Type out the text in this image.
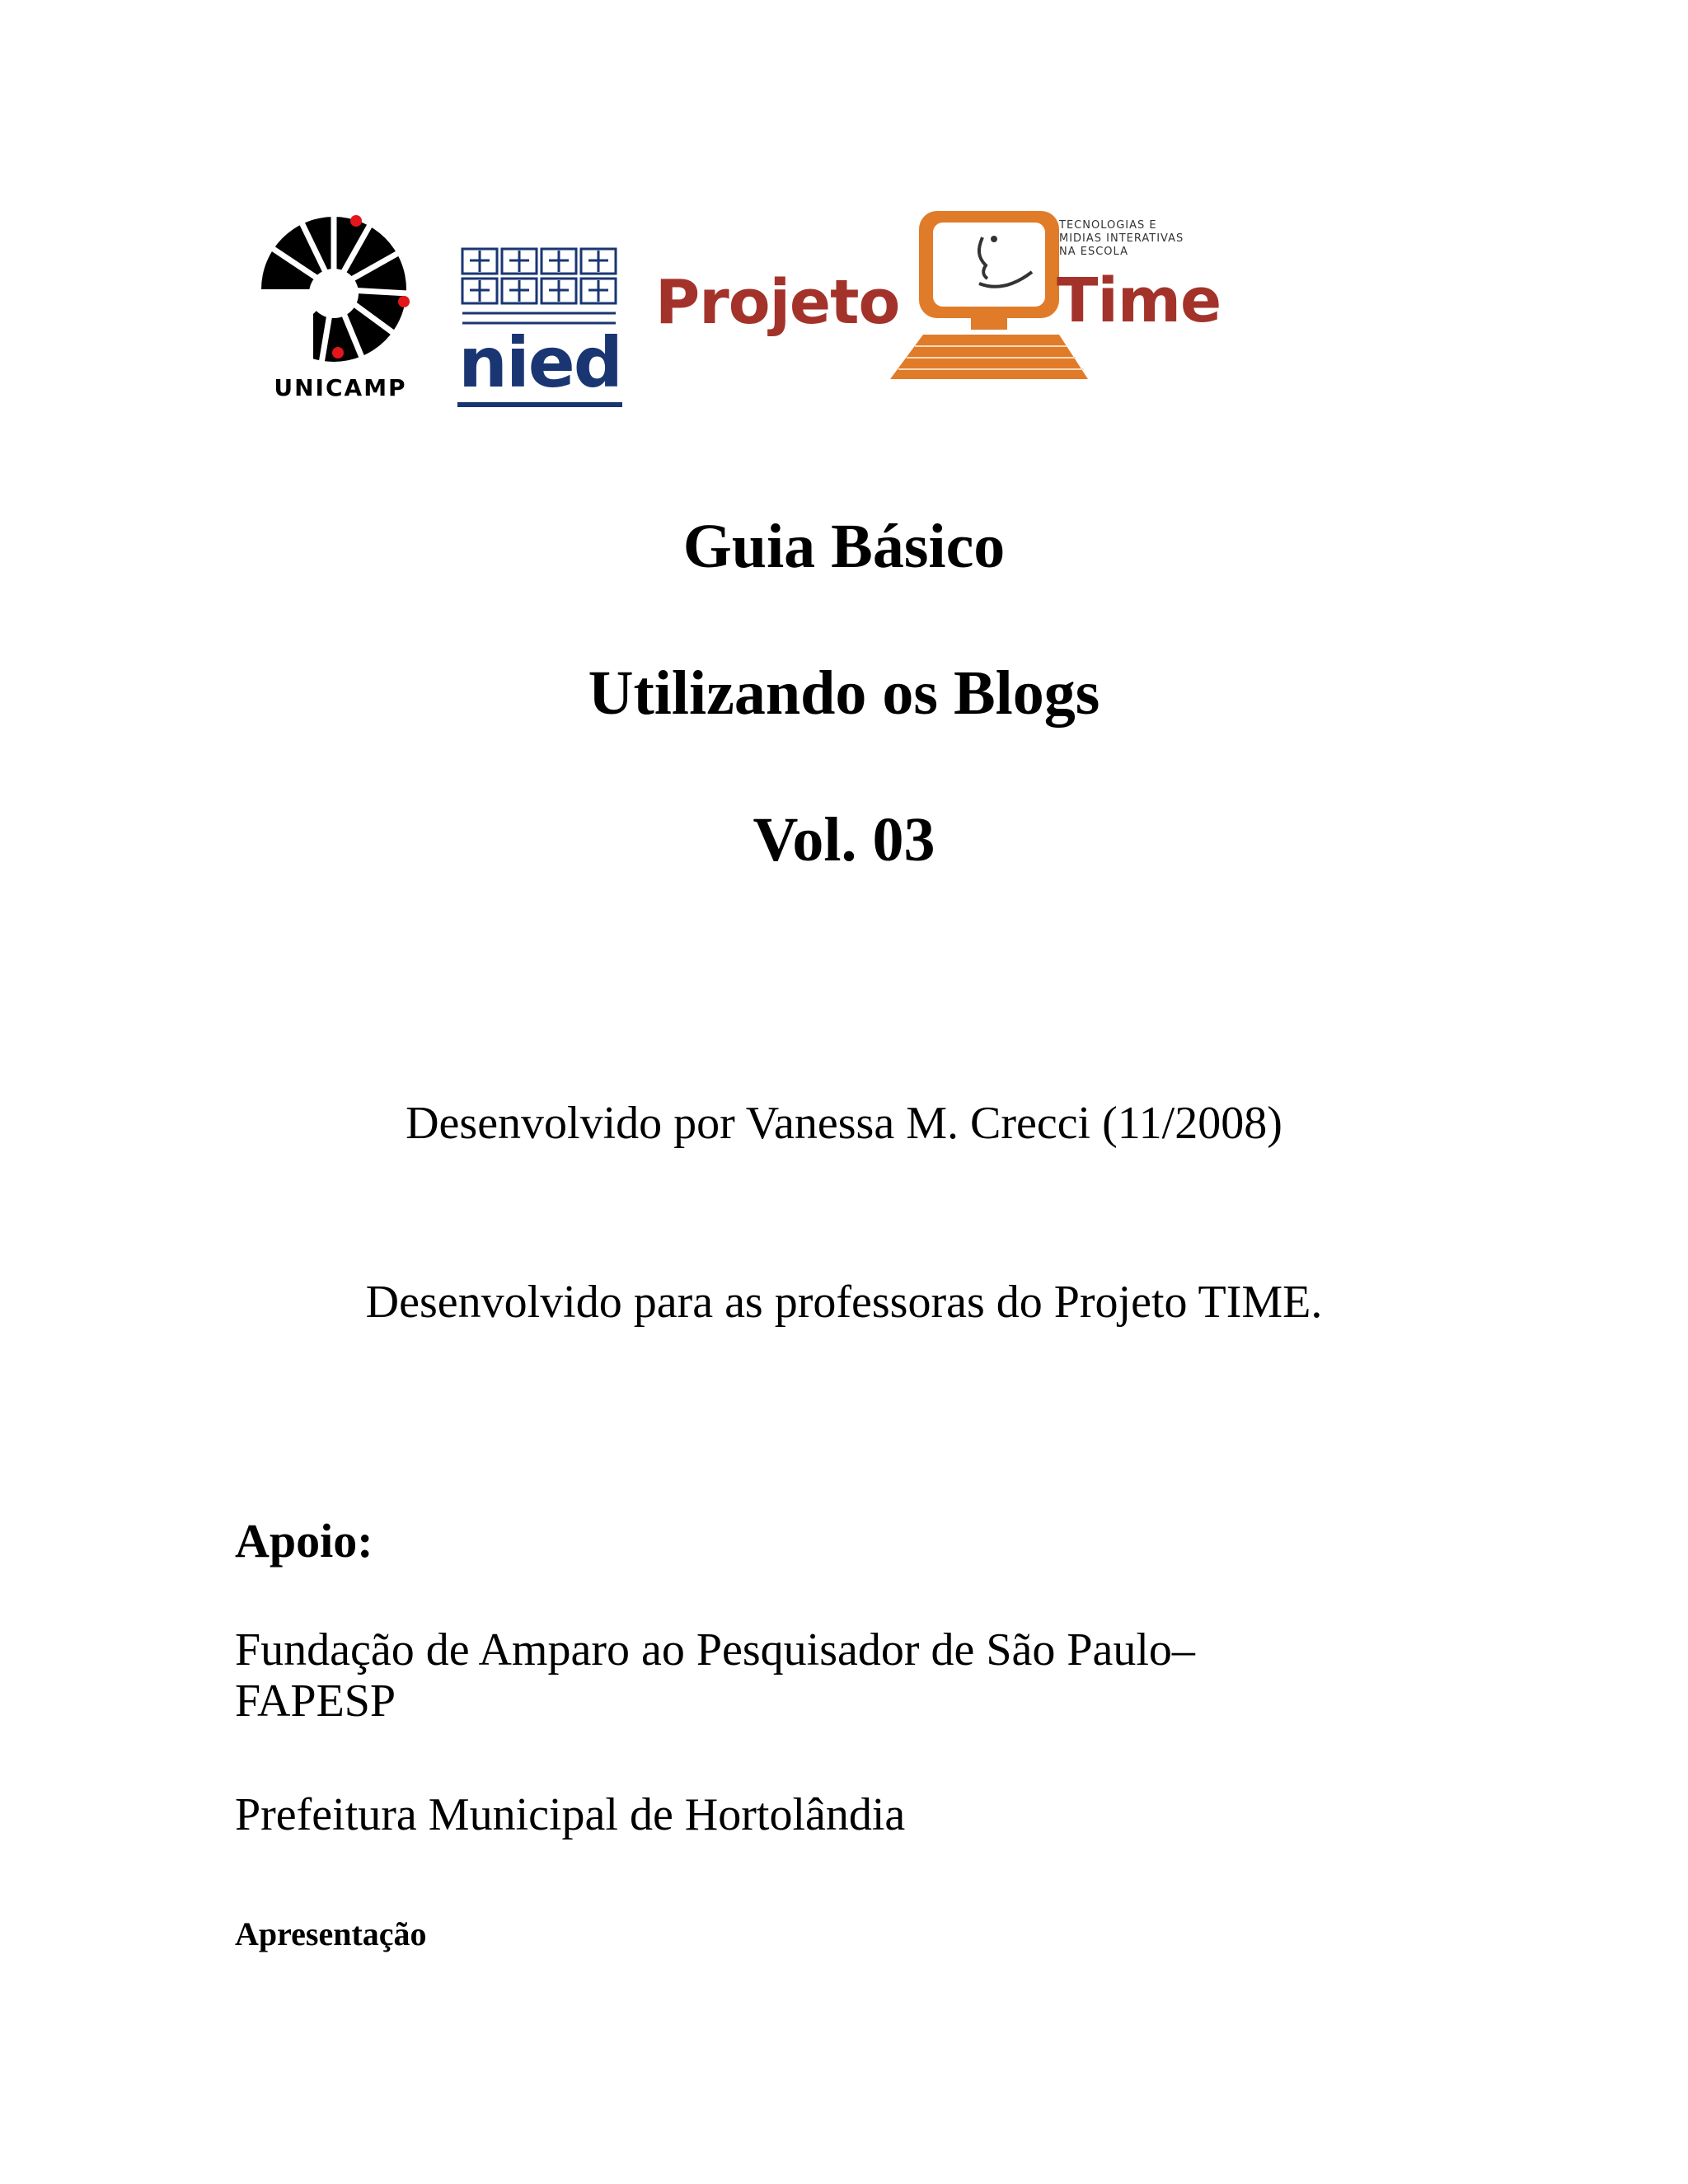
UNICAMP nied
Projeto
TECNOLOGIAS E
MIDIAS INTERATIVAS
NA ESCOLA
Time
Guia Básico
Utilizando os Blogs
Vol. 03
Desenvolvido por Vanessa M. Crecci (11/2008)
Desenvolvido para as professoras do Projeto TIME.
Apoio:
Fundação de Amparo ao Pesquisador de São Paulo–
FAPESP
Prefeitura Municipal de Hortolândia
Apresentação
